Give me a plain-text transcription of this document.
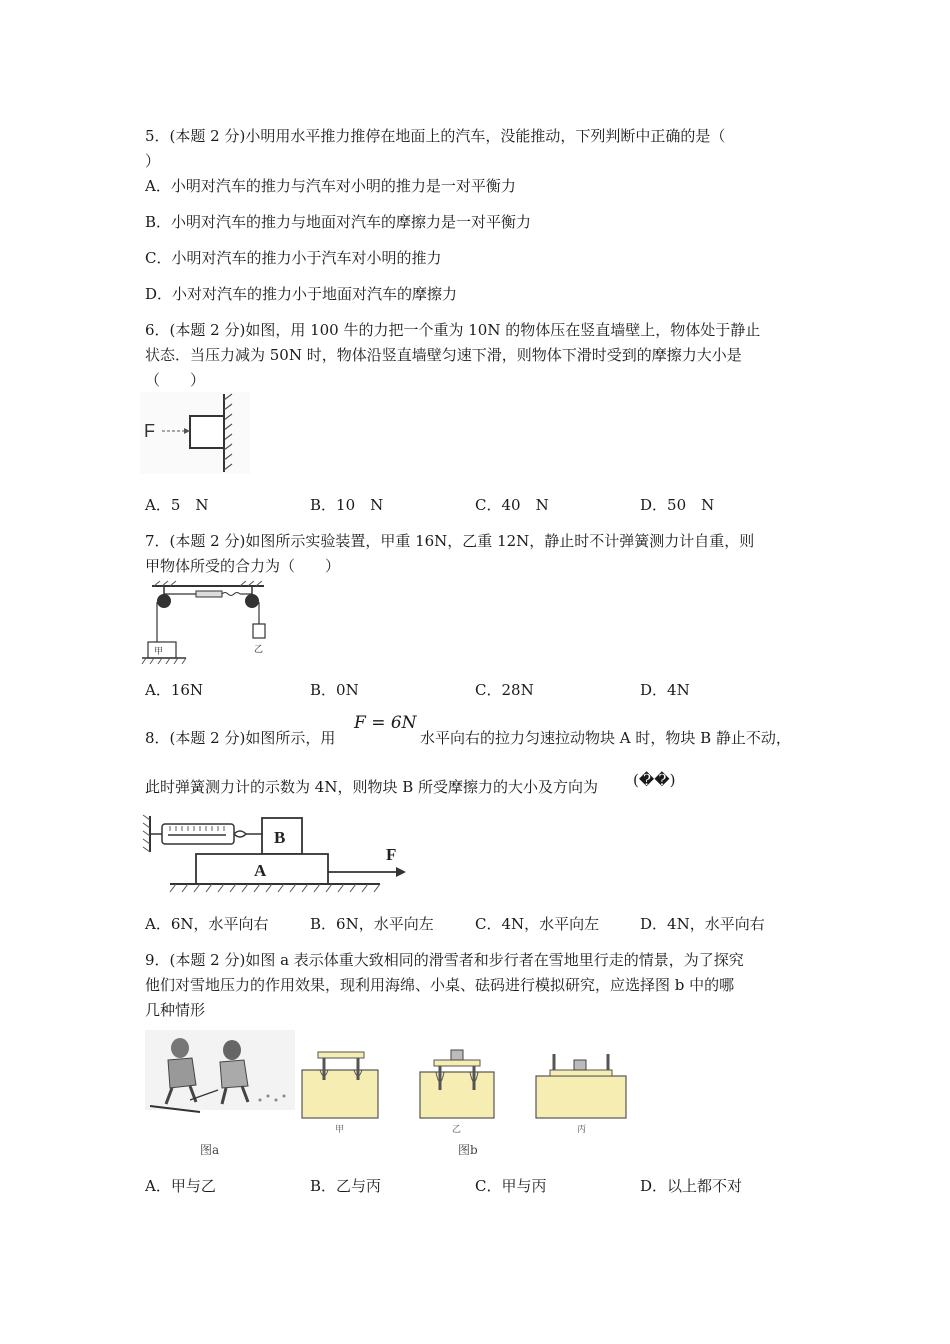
5．(本题 2 分)小明用水平推力推停在地面上的汽车，没能推动，下列判断中正确的是（
）
A．小明对汽车的推力与汽车对小明的推力是一对平衡力
B．小明对汽车的推力与地面对汽车的摩擦力是一对平衡力
C．小明对汽车的推力小于汽车对小明的推力
D．小对对汽车的推力小于地面对汽车的摩擦力
6．(本题 2 分)如图，用 100 牛的力把一个重为 10N 的物体压在竖直墙壁上，物体处于静止
状态．当压力减为 50N 时，物体沿竖直墙壁匀速下滑，则物体下滑时受到的摩擦力大小是
（　　）
F
A．5　N	B．10　N	C．40　N	D．50　N
7．(本题 2 分)如图所示实验装置，甲重 16N，乙重 12N，静止时不计弹簧测力计自重，则
甲物体所受的合力为（　　）
甲	乙
A．16N	B．0N	C．28N	D．4N
8．(本题 2 分)如图所示，用
F = 6N
水平向右的拉力匀速拉动物块 A 时，物块 B 静止不动，
此时弹簧测力计的示数为 4N，则物块 B 所受摩擦力的大小及方向为 (��)
B
A
F
A．6N，水平向右	B．6N，水平向左	C．4N，水平向左	D．4N，水平向右
9．(本题 2 分)如图 a 表示体重大致相同的滑雪者和步行者在雪地里行走的情景，为了探究
他们对雪地压力的作用效果，现利用海绵、小桌、砝码进行模拟研究，应选择图 b 中的哪
几种情形
图a
甲	乙	丙
图b
A．甲与乙	B．乙与丙	C．甲与丙	D．以上都不对
